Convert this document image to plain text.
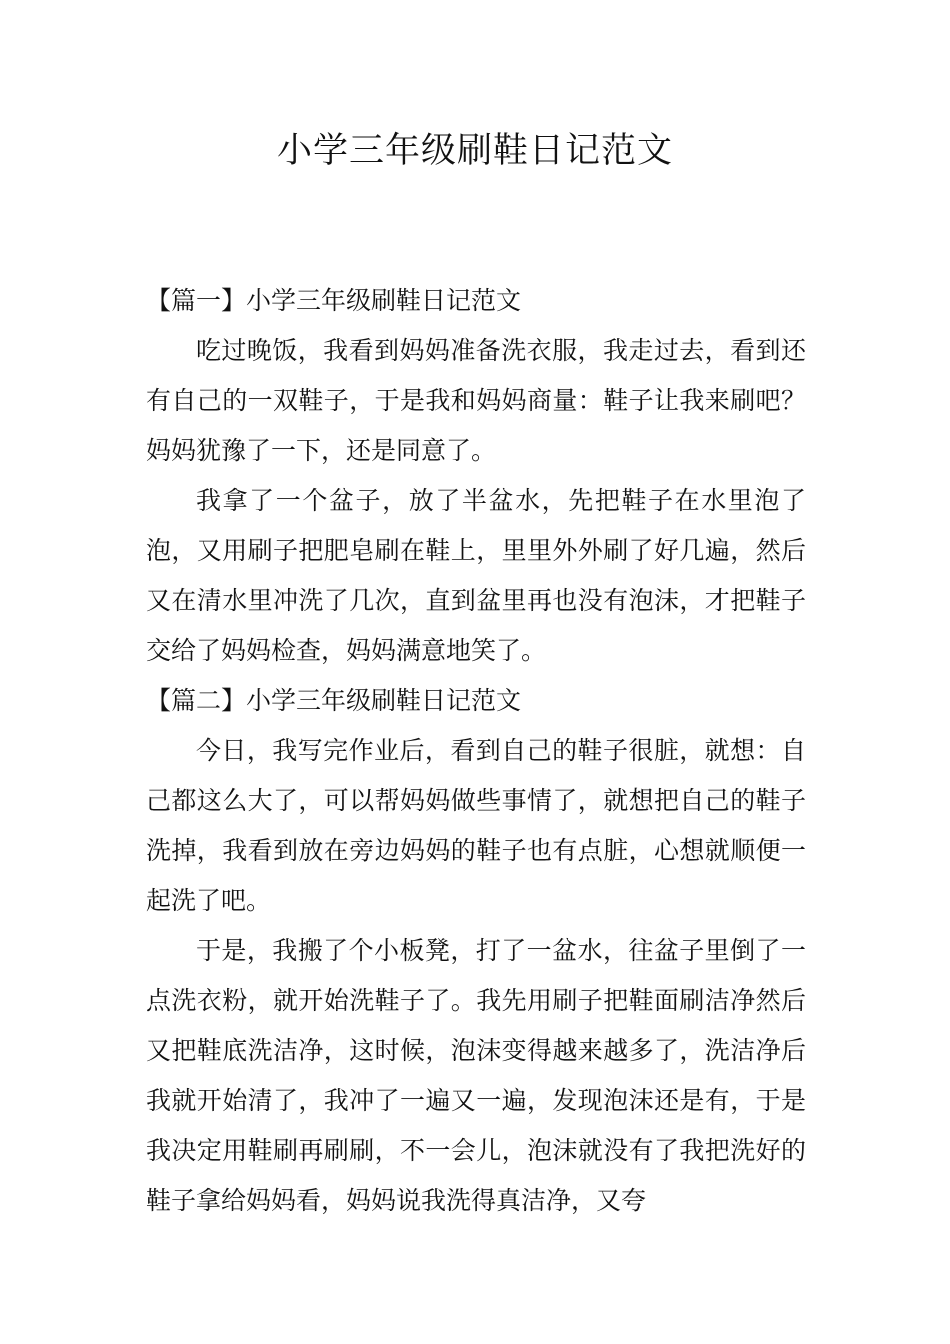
小学三年级刷鞋日记范文

【篇一】小学三年级刷鞋日记范文

吃过晚饭，我看到妈妈准备洗衣服，我走过去，看到还有自己的一双鞋子，于是我和妈妈商量：鞋子让我来刷吧？妈妈犹豫了一下，还是同意了。

我拿了一个盆子，放了半盆水，先把鞋子在水里泡了泡，又用刷子把肥皂刷在鞋上，里里外外刷了好几遍，然后又在清水里冲洗了几次，直到盆里再也没有泡沫，才把鞋子交给了妈妈检查，妈妈满意地笑了。

【篇二】小学三年级刷鞋日记范文

今日，我写完作业后，看到自己的鞋子很脏，就想：自己都这么大了，可以帮妈妈做些事情了，就想把自己的鞋子洗掉，我看到放在旁边妈妈的鞋子也有点脏，心想就顺便一起洗了吧。

于是，我搬了个小板凳，打了一盆水，往盆子里倒了一点洗衣粉，就开始洗鞋子了。我先用刷子把鞋面刷洁净然后又把鞋底洗洁净，这时候，泡沫变得越来越多了，洗洁净后我就开始清了，我冲了一遍又一遍，发现泡沫还是有，于是我决定用鞋刷再刷刷，不一会儿，泡沫就没有了我把洗好的鞋子拿给妈妈看，妈妈说我洗得真洁净，又夸
